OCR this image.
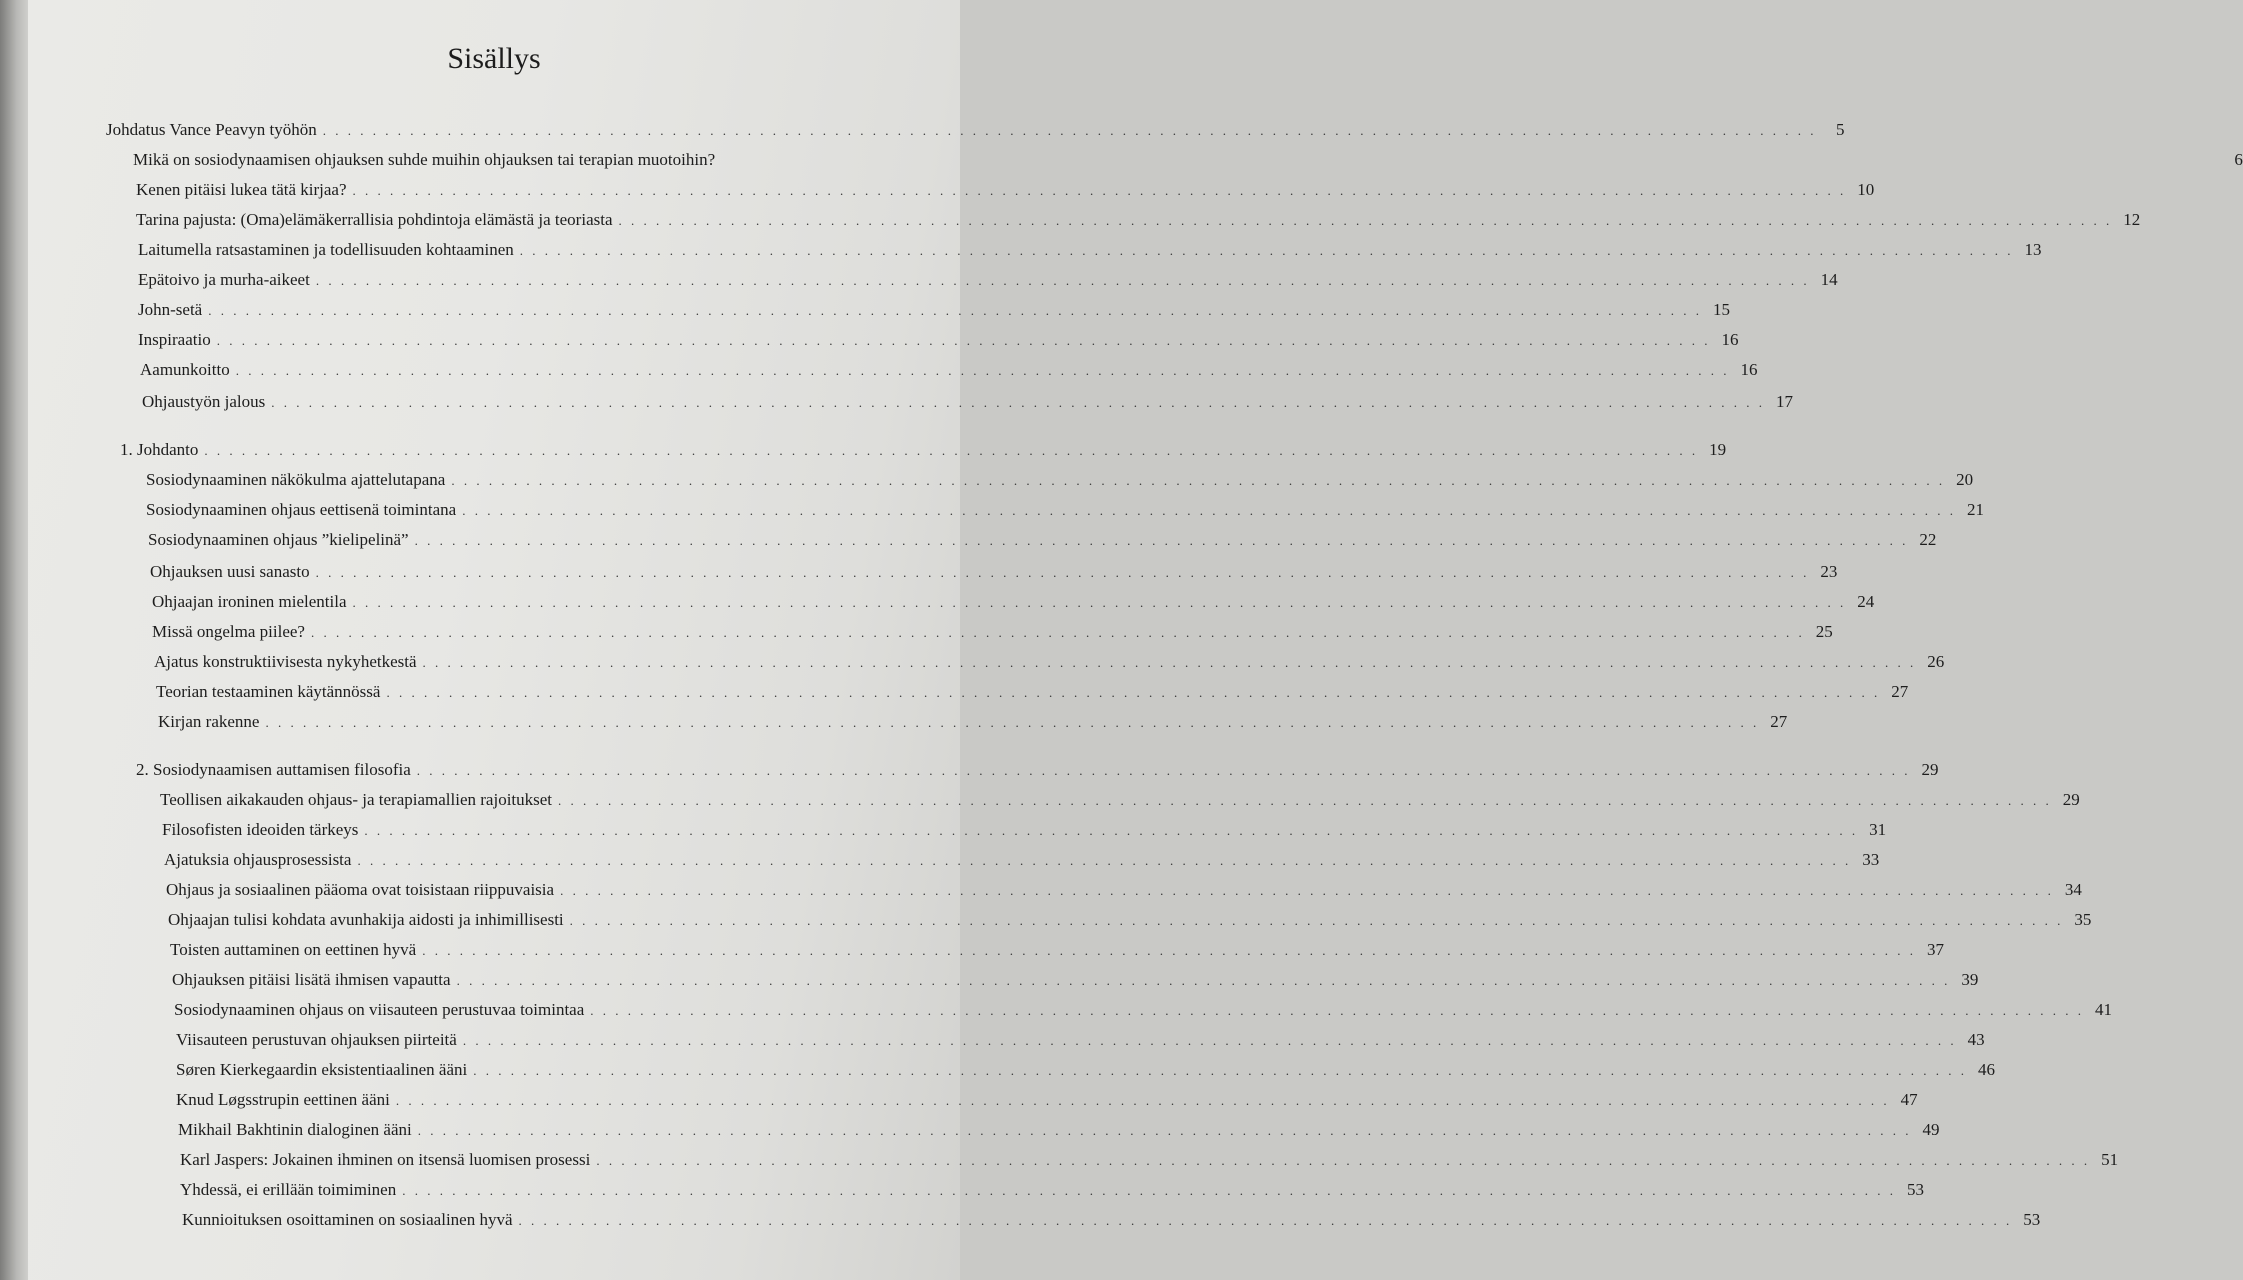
Sisällys
Johdatus Vance Peavyn työhön . . . . . . . . . . . . . . . . . . . . . . . . . . . . . . . . . . . . . . . . . . . . . . . . . . . . . . . . . . . . . . . . . . . . . . . . . . . . . . . . . . . . . . . . . . . . . . . . . . . . . . . . . . . . . . . . . . . . . . . .	5
Mikä on sosiodynaamisen ohjauksen suhde muihin ohjauksen tai terapian muotoihin?	6
Kenen pitäisi lukea tätä kirjaa? . . . . . . . . . . . . . . . . . . . . . . . . . . . . . . . . . . . . . . . . . . . . . . . . . . . . . . . . . . . . . . . . . . . . . . . . . . . . . . . . . . . . . . . . . . . . . . . . . . . . . . . . . . . . . . . . . . . . . . . . 10
Tarina pajusta: (Oma)elämäkerrallisia pohdintoja elämästä ja teoriasta . . . . . . . . . . . . . . . . . . . . . . . . . . . . . . . . . . . . . . . . . . . . . . . . . . . . . . . . . . . . . . . . . . . . . . . . . . . . . . . . . . . . . . . . . . . . . . . . . . . . . . . . . . . . . . . . . . . . . . . . 12
Laitumella ratsastaminen ja todellisuuden kohtaaminen . . . . . . . . . . . . . . . . . . . . . . . . . . . . . . . . . . . . . . . . . . . . . . . . . . . . . . . . . . . . . . . . . . . . . . . . . . . . . . . . . . . . . . . . . . . . . . . . . . . . . . . . . . . . . . . . . . . . . . . . 13
Epätoivo ja murha-aikeet . . . . . . . . . . . . . . . . . . . . . . . . . . . . . . . . . . . . . . . . . . . . . . . . . . . . . . . . . . . . . . . . . . . . . . . . . . . . . . . . . . . . . . . . . . . . . . . . . . . . . . . . . . . . . . . . . . . . . . . . 14
John-setä . . . . . . . . . . . . . . . . . . . . . . . . . . . . . . . . . . . . . . . . . . . . . . . . . . . . . . . . . . . . . . . . . . . . . . . . . . . . . . . . . . . . . . . . . . . . . . . . . . . . . . . . . . . . . . . . . . . . . . . . 15
Inspiraatio . . . . . . . . . . . . . . . . . . . . . . . . . . . . . . . . . . . . . . . . . . . . . . . . . . . . . . . . . . . . . . . . . . . . . . . . . . . . . . . . . . . . . . . . . . . . . . . . . . . . . . . . . . . . . . . . . . . . . . . . 16
Aamunkoitto . . . . . . . . . . . . . . . . . . . . . . . . . . . . . . . . . . . . . . . . . . . . . . . . . . . . . . . . . . . . . . . . . . . . . . . . . . . . . . . . . . . . . . . . . . . . . . . . . . . . . . . . . . . . . . . . . . . . . . . . 16
Ohjaustyön jalous . . . . . . . . . . . . . . . . . . . . . . . . . . . . . . . . . . . . . . . . . . . . . . . . . . . . . . . . . . . . . . . . . . . . . . . . . . . . . . . . . . . . . . . . . . . . . . . . . . . . . . . . . . . . . . . . . . . . . . . . 17
1. Johdanto . . . . . . . . . . . . . . . . . . . . . . . . . . . . . . . . . . . . . . . . . . . . . . . . . . . . . . . . . . . . . . . . . . . . . . . . . . . . . . . . . . . . . . . . . . . . . . . . . . . . . . . . . . . . . . . . . . . . . . . . 19
Sosiodynaaminen näkökulma ajattelutapana . . . . . . . . . . . . . . . . . . . . . . . . . . . . . . . . . . . . . . . . . . . . . . . . . . . . . . . . . . . . . . . . . . . . . . . . . . . . . . . . . . . . . . . . . . . . . . . . . . . . . . . . . . . . . . . . . . . . . . . . 20
Sosiodynaaminen ohjaus eettisenä toimintana . . . . . . . . . . . . . . . . . . . . . . . . . . . . . . . . . . . . . . . . . . . . . . . . . . . . . . . . . . . . . . . . . . . . . . . . . . . . . . . . . . . . . . . . . . . . . . . . . . . . . . . . . . . . . . . . . . . . . . . . 21
Sosiodynaaminen ohjaus ”kielipelinä” . . . . . . . . . . . . . . . . . . . . . . . . . . . . . . . . . . . . . . . . . . . . . . . . . . . . . . . . . . . . . . . . . . . . . . . . . . . . . . . . . . . . . . . . . . . . . . . . . . . . . . . . . . . . . . . . . . . . . . . . 22
Ohjauksen uusi sanasto . . . . . . . . . . . . . . . . . . . . . . . . . . . . . . . . . . . . . . . . . . . . . . . . . . . . . . . . . . . . . . . . . . . . . . . . . . . . . . . . . . . . . . . . . . . . . . . . . . . . . . . . . . . . . . . . . . . . . . . . 23
Ohjaajan ironinen mielentila . . . . . . . . . . . . . . . . . . . . . . . . . . . . . . . . . . . . . . . . . . . . . . . . . . . . . . . . . . . . . . . . . . . . . . . . . . . . . . . . . . . . . . . . . . . . . . . . . . . . . . . . . . . . . . . . . . . . . . . . 24
Missä ongelma piilee? . . . . . . . . . . . . . . . . . . . . . . . . . . . . . . . . . . . . . . . . . . . . . . . . . . . . . . . . . . . . . . . . . . . . . . . . . . . . . . . . . . . . . . . . . . . . . . . . . . . . . . . . . . . . . . . . . . . . . . . . 25
Ajatus konstruktiivisesta nykyhetkestä . . . . . . . . . . . . . . . . . . . . . . . . . . . . . . . . . . . . . . . . . . . . . . . . . . . . . . . . . . . . . . . . . . . . . . . . . . . . . . . . . . . . . . . . . . . . . . . . . . . . . . . . . . . . . . . . . . . . . . . . 26
Teorian testaaminen käytännössä . . . . . . . . . . . . . . . . . . . . . . . . . . . . . . . . . . . . . . . . . . . . . . . . . . . . . . . . . . . . . . . . . . . . . . . . . . . . . . . . . . . . . . . . . . . . . . . . . . . . . . . . . . . . . . . . . . . . . . . . 27
Kirjan rakenne . . . . . . . . . . . . . . . . . . . . . . . . . . . . . . . . . . . . . . . . . . . . . . . . . . . . . . . . . . . . . . . . . . . . . . . . . . . . . . . . . . . . . . . . . . . . . . . . . . . . . . . . . . . . . . . . . . . . . . . . 27
2. Sosiodynaamisen auttamisen filosofia . . . . . . . . . . . . . . . . . . . . . . . . . . . . . . . . . . . . . . . . . . . . . . . . . . . . . . . . . . . . . . . . . . . . . . . . . . . . . . . . . . . . . . . . . . . . . . . . . . . . . . . . . . . . . . . . . . . . . . . . 29
Teollisen aikakauden ohjaus- ja terapiamallien rajoitukset . . . . . . . . . . . . . . . . . . . . . . . . . . . . . . . . . . . . . . . . . . . . . . . . . . . . . . . . . . . . . . . . . . . . . . . . . . . . . . . . . . . . . . . . . . . . . . . . . . . . . . . . . . . . . . . . . . . . . . . . 29
Filosofisten ideoiden tärkeys . . . . . . . . . . . . . . . . . . . . . . . . . . . . . . . . . . . . . . . . . . . . . . . . . . . . . . . . . . . . . . . . . . . . . . . . . . . . . . . . . . . . . . . . . . . . . . . . . . . . . . . . . . . . . . . . . . . . . . . . 31
Ajatuksia ohjausprosessista . . . . . . . . . . . . . . . . . . . . . . . . . . . . . . . . . . . . . . . . . . . . . . . . . . . . . . . . . . . . . . . . . . . . . . . . . . . . . . . . . . . . . . . . . . . . . . . . . . . . . . . . . . . . . . . . . . . . . . . . 33
Ohjaus ja sosiaalinen pääoma ovat toisistaan riippuvaisia . . . . . . . . . . . . . . . . . . . . . . . . . . . . . . . . . . . . . . . . . . . . . . . . . . . . . . . . . . . . . . . . . . . . . . . . . . . . . . . . . . . . . . . . . . . . . . . . . . . . . . . . . . . . . . . . . . . . . . . . 34
Ohjaajan tulisi kohdata avunhakija aidosti ja inhimillisesti . . . . . . . . . . . . . . . . . . . . . . . . . . . . . . . . . . . . . . . . . . . . . . . . . . . . . . . . . . . . . . . . . . . . . . . . . . . . . . . . . . . . . . . . . . . . . . . . . . . . . . . . . . . . . . . . . . . . . . . . 35
Toisten auttaminen on eettinen hyvä . . . . . . . . . . . . . . . . . . . . . . . . . . . . . . . . . . . . . . . . . . . . . . . . . . . . . . . . . . . . . . . . . . . . . . . . . . . . . . . . . . . . . . . . . . . . . . . . . . . . . . . . . . . . . . . . . . . . . . . . 37
Ohjauksen pitäisi lisätä ihmisen vapautta . . . . . . . . . . . . . . . . . . . . . . . . . . . . . . . . . . . . . . . . . . . . . . . . . . . . . . . . . . . . . . . . . . . . . . . . . . . . . . . . . . . . . . . . . . . . . . . . . . . . . . . . . . . . . . . . . . . . . . . . 39
Sosiodynaaminen ohjaus on viisauteen perustuvaa toimintaa . . . . . . . . . . . . . . . . . . . . . . . . . . . . . . . . . . . . . . . . . . . . . . . . . . . . . . . . . . . . . . . . . . . . . . . . . . . . . . . . . . . . . . . . . . . . . . . . . . . . . . . . . . . . . . . . . . . . . . . . 41
Viisauteen perustuvan ohjauksen piirteitä . . . . . . . . . . . . . . . . . . . . . . . . . . . . . . . . . . . . . . . . . . . . . . . . . . . . . . . . . . . . . . . . . . . . . . . . . . . . . . . . . . . . . . . . . . . . . . . . . . . . . . . . . . . . . . . . . . . . . . . . 43
Søren Kierkegaardin eksistentiaalinen ääni . . . . . . . . . . . . . . . . . . . . . . . . . . . . . . . . . . . . . . . . . . . . . . . . . . . . . . . . . . . . . . . . . . . . . . . . . . . . . . . . . . . . . . . . . . . . . . . . . . . . . . . . . . . . . . . . . . . . . . . . 46
Knud Løgsstrupin eettinen ääni . . . . . . . . . . . . . . . . . . . . . . . . . . . . . . . . . . . . . . . . . . . . . . . . . . . . . . . . . . . . . . . . . . . . . . . . . . . . . . . . . . . . . . . . . . . . . . . . . . . . . . . . . . . . . . . . . . . . . . . . 47
Mikhail Bakhtinin dialoginen ääni . . . . . . . . . . . . . . . . . . . . . . . . . . . . . . . . . . . . . . . . . . . . . . . . . . . . . . . . . . . . . . . . . . . . . . . . . . . . . . . . . . . . . . . . . . . . . . . . . . . . . . . . . . . . . . . . . . . . . . . . 49
Karl Jaspers: Jokainen ihminen on itsensä luomisen prosessi . . . . . . . . . . . . . . . . . . . . . . . . . . . . . . . . . . . . . . . . . . . . . . . . . . . . . . . . . . . . . . . . . . . . . . . . . . . . . . . . . . . . . . . . . . . . . . . . . . . . . . . . . . . . . . . . . . . . . . . . 51
Yhdessä, ei erillään toimiminen . . . . . . . . . . . . . . . . . . . . . . . . . . . . . . . . . . . . . . . . . . . . . . . . . . . . . . . . . . . . . . . . . . . . . . . . . . . . . . . . . . . . . . . . . . . . . . . . . . . . . . . . . . . . . . . . . . . . . . . . 53
Kunnioituksen osoittaminen on sosiaalinen hyvä . . . . . . . . . . . . . . . . . . . . . . . . . . . . . . . . . . . . . . . . . . . . . . . . . . . . . . . . . . . . . . . . . . . . . . . . . . . . . . . . . . . . . . . . . . . . . . . . . . . . . . . . . . . . . . . . . . . . . . . . 53
